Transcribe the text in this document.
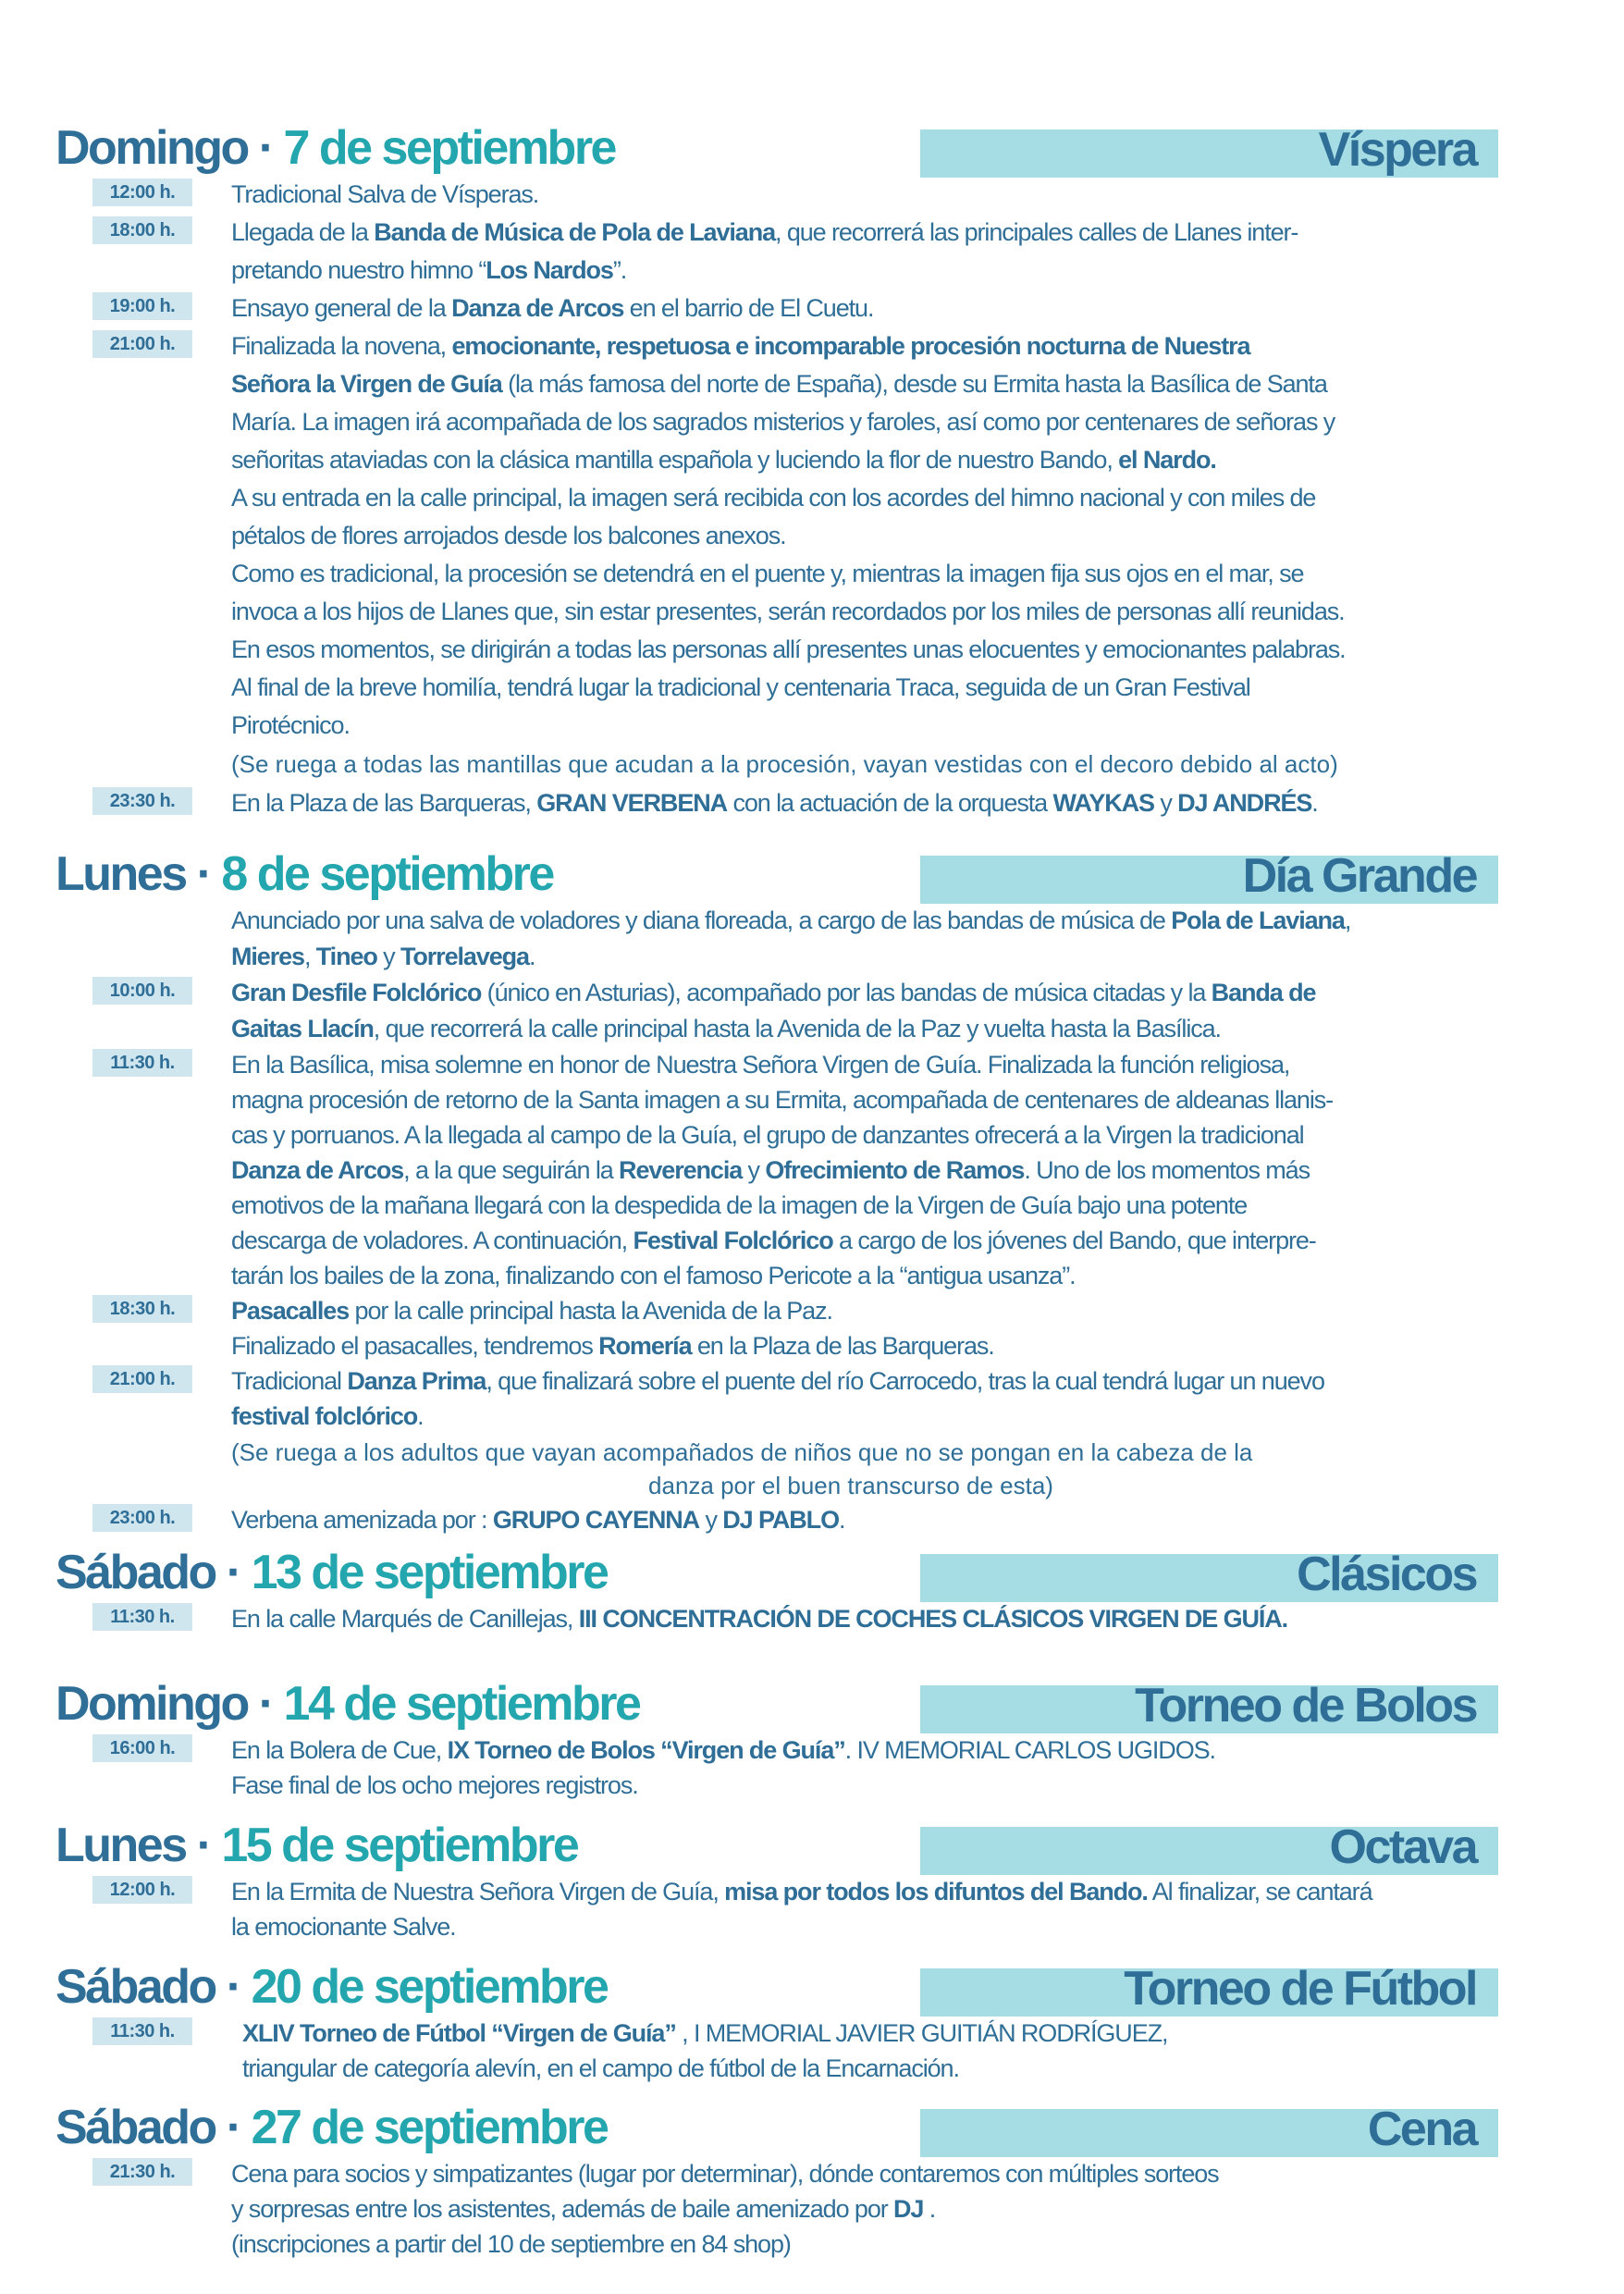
Domingo · 7 de septiembre	Víspera
12:00 h.	Tradicional Salva de Vísperas.
18:00 h.	Llegada de la Banda de Música de Pola de Laviana, que recorrerá las principales calles de Llanes inter-
pretando nuestro himno “Los Nardos”.
19:00 h.	Ensayo general de la Danza de Arcos en el barrio de El Cuetu.
21:00 h.	Finalizada la novena, emocionante, respetuosa e incomparable procesión nocturna de Nuestra
Señora la Virgen de Guía (la más famosa del norte de España), desde su Ermita hasta la Basílica de Santa
María. La imagen irá acompañada de los sagrados misterios y faroles, así como por centenares de señoras y
señoritas ataviadas con la clásica mantilla española y luciendo la flor de nuestro Bando, el Nardo.
A su entrada en la calle principal, la imagen será recibida con los acordes del himno nacional y con miles de
pétalos de flores arrojados desde los balcones anexos.
Como es tradicional, la procesión se detendrá en el puente y, mientras la imagen fija sus ojos en el mar, se
invoca a los hijos de Llanes que, sin estar presentes, serán recordados por los miles de personas allí reunidas.
En esos momentos, se dirigirán a todas las personas allí presentes unas elocuentes y emocionantes palabras.
Al final de la breve homilía, tendrá lugar la tradicional y centenaria Traca, seguida de un Gran Festival
Pirotécnico.
(Se ruega a todas las mantillas que acudan a la procesión, vayan vestidas con el decoro debido al acto)
23:30 h.	En la Plaza de las Barqueras, GRAN VERBENA con la actuación de la orquesta WAYKAS y DJ ANDRÉS.
Lunes · 8 de septiembre	Día Grande
Anunciado por una salva de voladores y diana floreada, a cargo de las bandas de música de Pola de Laviana,
Mieres, Tineo y Torrelavega.
10:00 h.	Gran Desfile Folclórico (único en Asturias), acompañado por las bandas de música citadas y la Banda de
Gaitas Llacín, que recorrerá la calle principal hasta la Avenida de la Paz y vuelta hasta la Basílica.
11:30 h.	En la Basílica, misa solemne en honor de Nuestra Señora Virgen de Guía. Finalizada la función religiosa,
magna procesión de retorno de la Santa imagen a su Ermita, acompañada de centenares de aldeanas llanis-
cas y porruanos. A la llegada al campo de la Guía, el grupo de danzantes ofrecerá a la Virgen la tradicional
Danza de Arcos, a la que seguirán la Reverencia y Ofrecimiento de Ramos. Uno de los momentos más
emotivos de la mañana llegará con la despedida de la imagen de la Virgen de Guía bajo una potente
descarga de voladores. A continuación, Festival Folclórico a cargo de los jóvenes del Bando, que interpre-
tarán los bailes de la zona, finalizando con el famoso Pericote a la “antigua usanza”.
18:30 h.	Pasacalles por la calle principal hasta la Avenida de la Paz.
Finalizado el pasacalles, tendremos Romería en la Plaza de las Barqueras.
21:00 h.	Tradicional Danza Prima, que finalizará sobre el puente del río Carrocedo, tras la cual tendrá lugar un nuevo
festival folclórico.
(Se ruega a los adultos que vayan acompañados de niños que no se pongan en la cabeza de la
danza por el buen transcurso de esta)
23:00 h.	Verbena amenizada por : GRUPO CAYENNA y DJ PABLO.
Sábado · 13 de septiembre	Clásicos
11:30 h.	En la calle Marqués de Canillejas, III CONCENTRACIÓN DE COCHES CLÁSICOS VIRGEN DE GUÍA.
Domingo · 14 de septiembre	Torneo de Bolos
16:00 h.	En la Bolera de Cue, IX Torneo de Bolos “Virgen de Guía”. IV MEMORIAL CARLOS UGIDOS.
Fase final de los ocho mejores registros.
Lunes · 15 de septiembre	Octava
12:00 h.	En la Ermita de Nuestra Señora Virgen de Guía, misa por todos los difuntos del Bando. Al finalizar, se cantará
la emocionante Salve.
Sábado · 20 de septiembre	Torneo de Fútbol
11:30 h.	XLIV Torneo de Fútbol “Virgen de Guía” , I MEMORIAL JAVIER GUITIÁN RODRÍGUEZ,
triangular de categoría alevín, en el campo de fútbol de la Encarnación.
Sábado · 27 de septiembre	Cena
21:30 h.	Cena para socios y simpatizantes (lugar por determinar), dónde contaremos con múltiples sorteos
y sorpresas entre los asistentes, además de baile amenizado por DJ .
(inscripciones a partir del 10 de septiembre en 84 shop)
